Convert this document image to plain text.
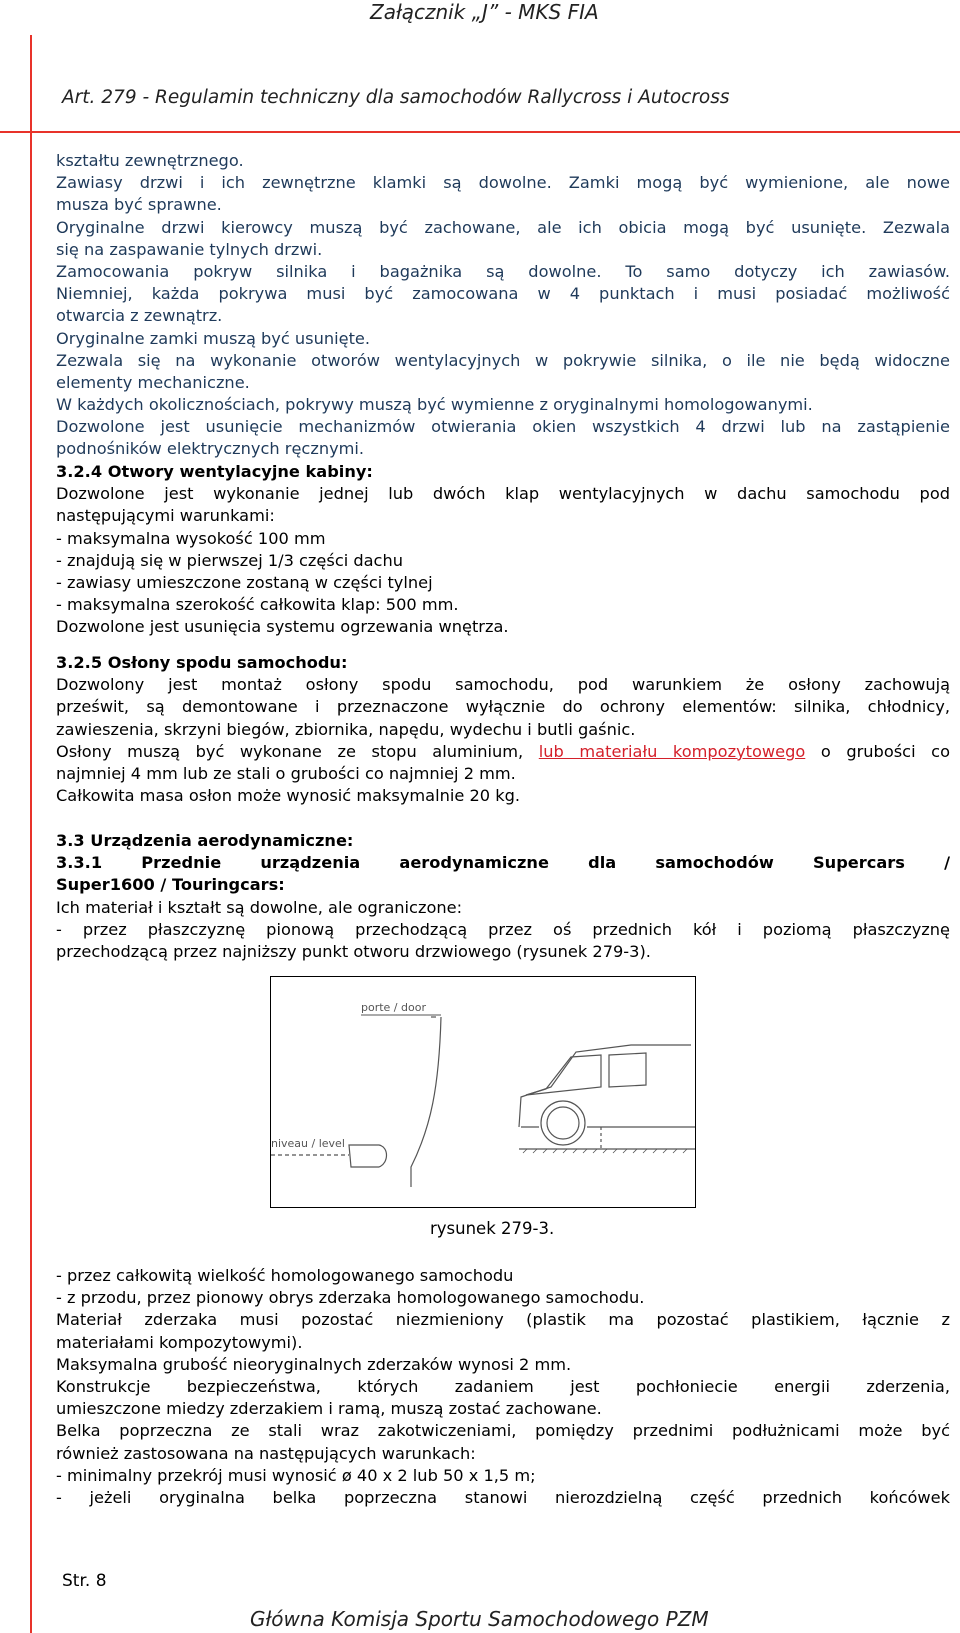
Załącznik „J” - MKS FIA
Art. 279 - Regulamin techniczny dla samochodów Rallycross i Autocross
kształtu zewnętrznego.
Zawiasy drzwi i ich zewnętrzne klamki są dowolne. Zamki mogą być wymienione, ale nowe
musza być sprawne.
Oryginalne drzwi kierowcy muszą być zachowane, ale ich obicia mogą być usunięte. Zezwala
się na zaspawanie tylnych drzwi.
Zamocowania pokryw silnika i bagażnika są dowolne. To samo dotyczy ich zawiasów.
Niemniej, każda pokrywa musi być zamocowana w 4 punktach i musi posiadać możliwość
otwarcia z zewnątrz.
Oryginalne zamki muszą być usunięte.
Zezwala się na wykonanie otworów wentylacyjnych w pokrywie silnika, o ile nie będą widoczne
elementy mechaniczne.
W każdych okolicznościach, pokrywy muszą być wymienne z oryginalnymi homologowanymi.
Dozwolone jest usunięcie mechanizmów otwierania okien wszystkich 4 drzwi lub na zastąpienie
podnośników elektrycznych ręcznymi.
3.2.4 Otwory wentylacyjne kabiny:
Dozwolone jest wykonanie jednej lub dwóch klap wentylacyjnych w dachu samochodu pod
następującymi warunkami:
- maksymalna wysokość 100 mm
- znajdują się w pierwszej 1/3 części dachu
- zawiasy umieszczone zostaną w części tylnej
- maksymalna szerokość całkowita klap: 500 mm.
Dozwolone jest usunięcia systemu ogrzewania wnętrza.
3.2.5 Osłony spodu samochodu:
Dozwolony jest montaż osłony spodu samochodu, pod warunkiem że osłony zachowują
prześwit, są demontowane i przeznaczone wyłącznie do ochrony elementów: silnika, chłodnicy,
zawieszenia, skrzyni biegów, zbiornika, napędu, wydechu i butli gaśnic.
Osłony muszą być wykonane ze stopu aluminium, lub materiału kompozytowego o grubości co
najmniej 4 mm lub ze stali o grubości co najmniej 2 mm.
Całkowita masa osłon może wynosić maksymalnie 20 kg.
3.3 Urządzenia aerodynamiczne:
3.3.1 Przednie urządzenia aerodynamiczne dla samochodów Supercars /
Super1600 / Touringcars:
Ich materiał i kształt są dowolne, ale ograniczone:
- przez płaszczyznę pionową przechodzącą przez oś przednich kół i poziomą płaszczyznę
przechodzącą przez najniższy punkt otworu drzwiowego (rysunek 279-3).
porte / door
niveau / level
rysunek 279-3.
- przez całkowitą wielkość homologowanego samochodu
- z przodu, przez pionowy obrys zderzaka homologowanego samochodu.
Materiał zderzaka musi pozostać niezmieniony (plastik ma pozostać plastikiem, łącznie z
materiałami kompozytowymi).
Maksymalna grubość nieoryginalnych zderzaków wynosi 2 mm.
Konstrukcje bezpieczeństwa, których zadaniem jest pochłoniecie energii zderzenia,
umieszczone miedzy zderzakiem i ramą, muszą zostać zachowane.
Belka poprzeczna ze stali wraz zakotwiczeniami, pomiędzy przednimi podłużnicami może być
również zastosowana na następujących warunkach:
- minimalny przekrój musi wynosić ø 40 x 2 lub 50 x 1,5 m;
- jeżeli oryginalna belka poprzeczna stanowi nierozdzielną część przednich końcówek
Str. 8
Główna Komisja Sportu Samochodowego PZM
